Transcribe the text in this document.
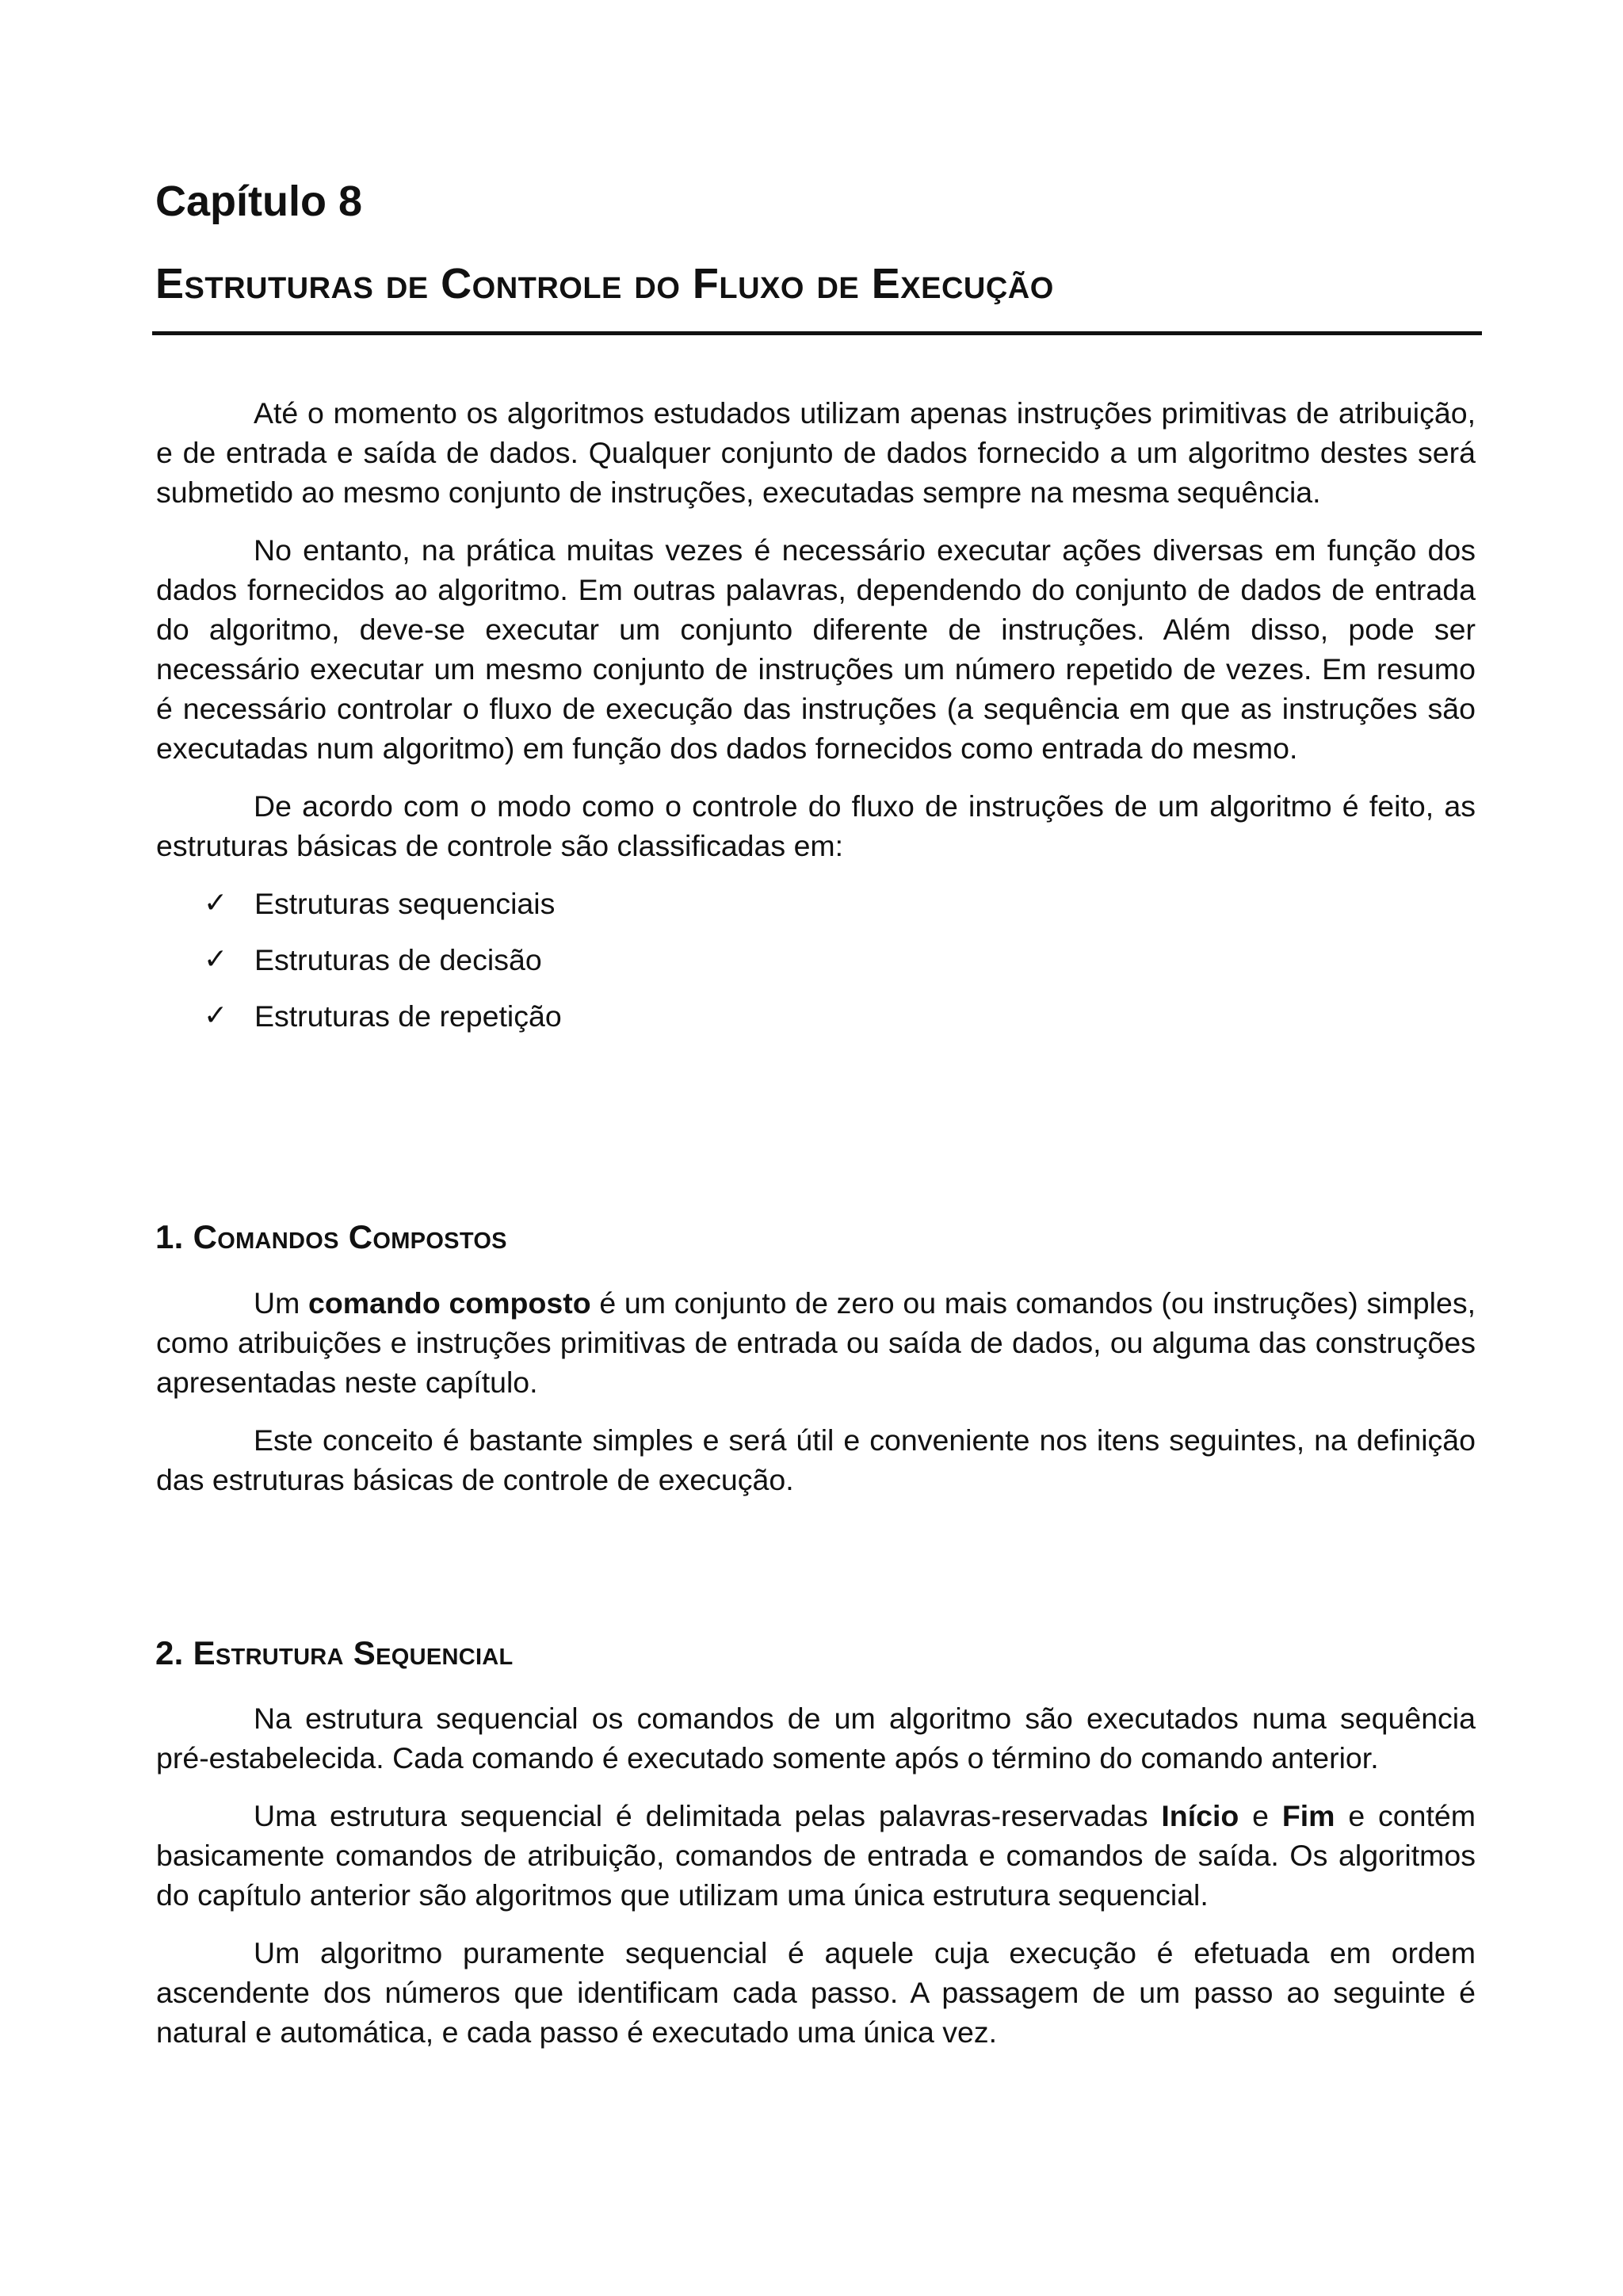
Capítulo 8
Estruturas de Controle do Fluxo de Execução

Até o momento os algoritmos estudados utilizam apenas instruções primitivas de atribuição, e de entrada e saída de dados. Qualquer conjunto de dados fornecido a um algoritmo destes será submetido ao mesmo conjunto de instruções, executadas sempre na mesma sequência.

No entanto, na prática muitas vezes é necessário executar ações diversas em função dos dados fornecidos ao algoritmo. Em outras palavras, dependendo do conjunto de dados de entrada do algoritmo, deve-se executar um conjunto diferente de instruções. Além disso, pode ser necessário executar um mesmo conjunto de instruções um número repetido de vezes. Em resumo é necessário controlar o fluxo de execução das instruções (a sequência em que as instruções são executadas num algoritmo) em função dos dados fornecidos como entrada do mesmo.

De acordo com o modo como o controle do fluxo de instruções de um algoritmo é feito, as estruturas básicas de controle são classificadas em:

✓ Estruturas sequenciais
✓ Estruturas de decisão
✓ Estruturas de repetição
1. Comandos Compostos

Um comando composto é um conjunto de zero ou mais comandos (ou instruções) simples, como atribuições e instruções primitivas de entrada ou saída de dados, ou alguma das construções apresentadas neste capítulo.

Este conceito é bastante simples e será útil e conveniente nos itens seguintes, na definição das estruturas básicas de controle de execução.

2. Estrutura Sequencial

Na estrutura sequencial os comandos de um algoritmo são executados numa sequência pré-estabelecida. Cada comando é executado somente após o término do comando anterior.

Uma estrutura sequencial é delimitada pelas palavras-reservadas Início e Fim e contém basicamente comandos de atribuição, comandos de entrada e comandos de saída. Os algoritmos do capítulo anterior são algoritmos que utilizam uma única estrutura sequencial.

Um algoritmo puramente sequencial é aquele cuja execução é efetuada em ordem ascendente dos números que identificam cada passo. A passagem de um passo ao seguinte é natural e automática, e cada passo é executado uma única vez.
